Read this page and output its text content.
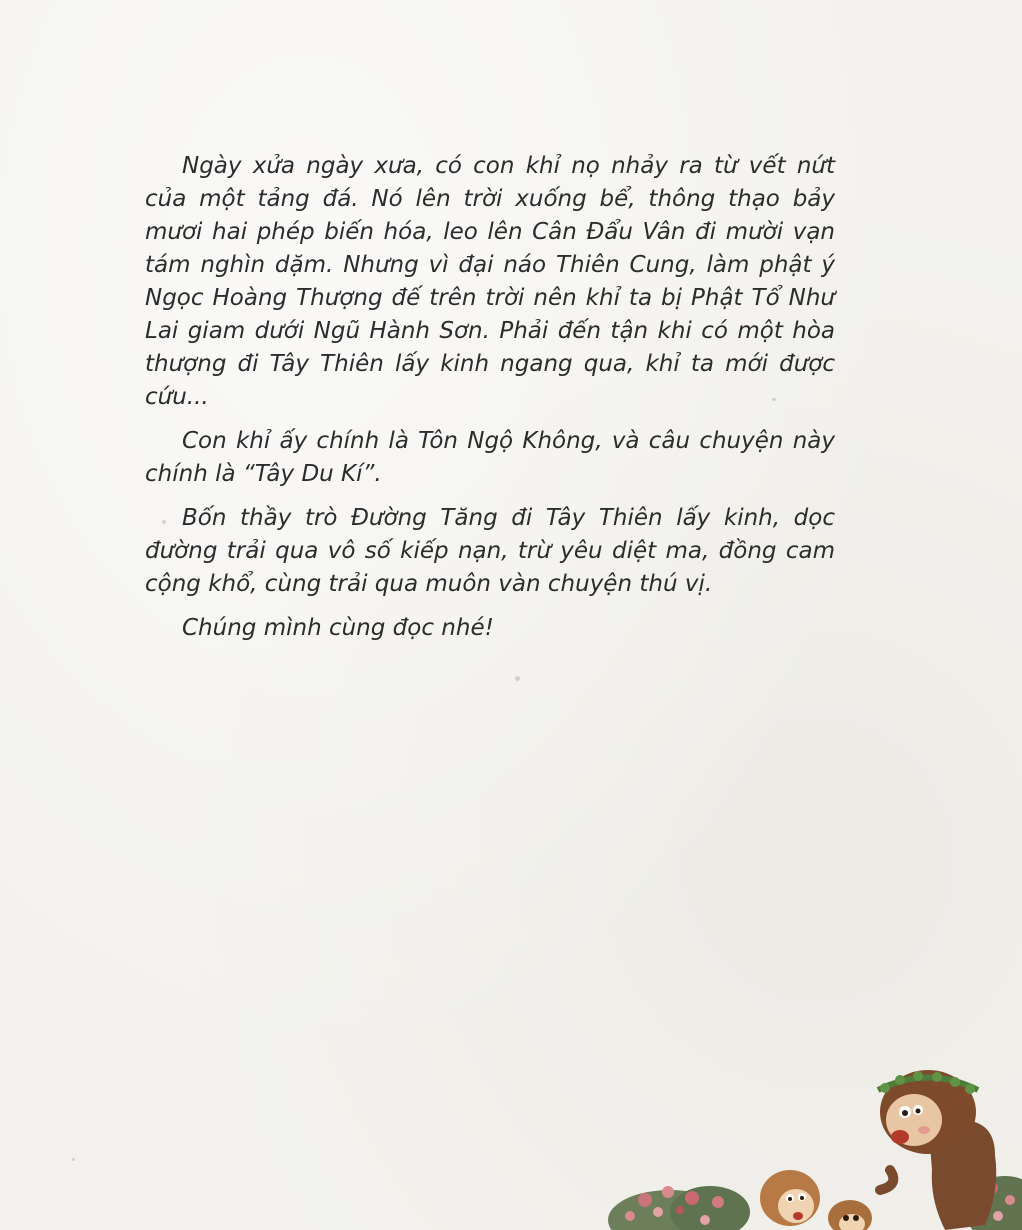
Ngày xửa ngày xưa, có con khỉ nọ nhảy ra từ vết nứt của một tảng đá. Nó lên trời xuống bể, thông thạo bảy mươi hai phép biến hóa, leo lên Cân Đẩu Vân đi mười vạn tám nghìn dặm. Nhưng vì đại náo Thiên Cung, làm phật ý Ngọc Hoàng Thượng đế trên trời nên khỉ ta bị Phật Tổ Như Lai giam dưới Ngũ Hành Sơn. Phải đến tận khi có một hòa thượng đi Tây Thiên lấy kinh ngang qua, khỉ ta mới được cứu...

Con khỉ ấy chính là Tôn Ngộ Không, và câu chuyện này chính là “Tây Du Kí”.

Bốn thầy trò Đường Tăng đi Tây Thiên lấy kinh, dọc đường trải qua vô số kiếp nạn, trừ yêu diệt ma, đồng cam cộng khổ, cùng trải qua muôn vàn chuyện thú vị.

Chúng mình cùng đọc nhé!
